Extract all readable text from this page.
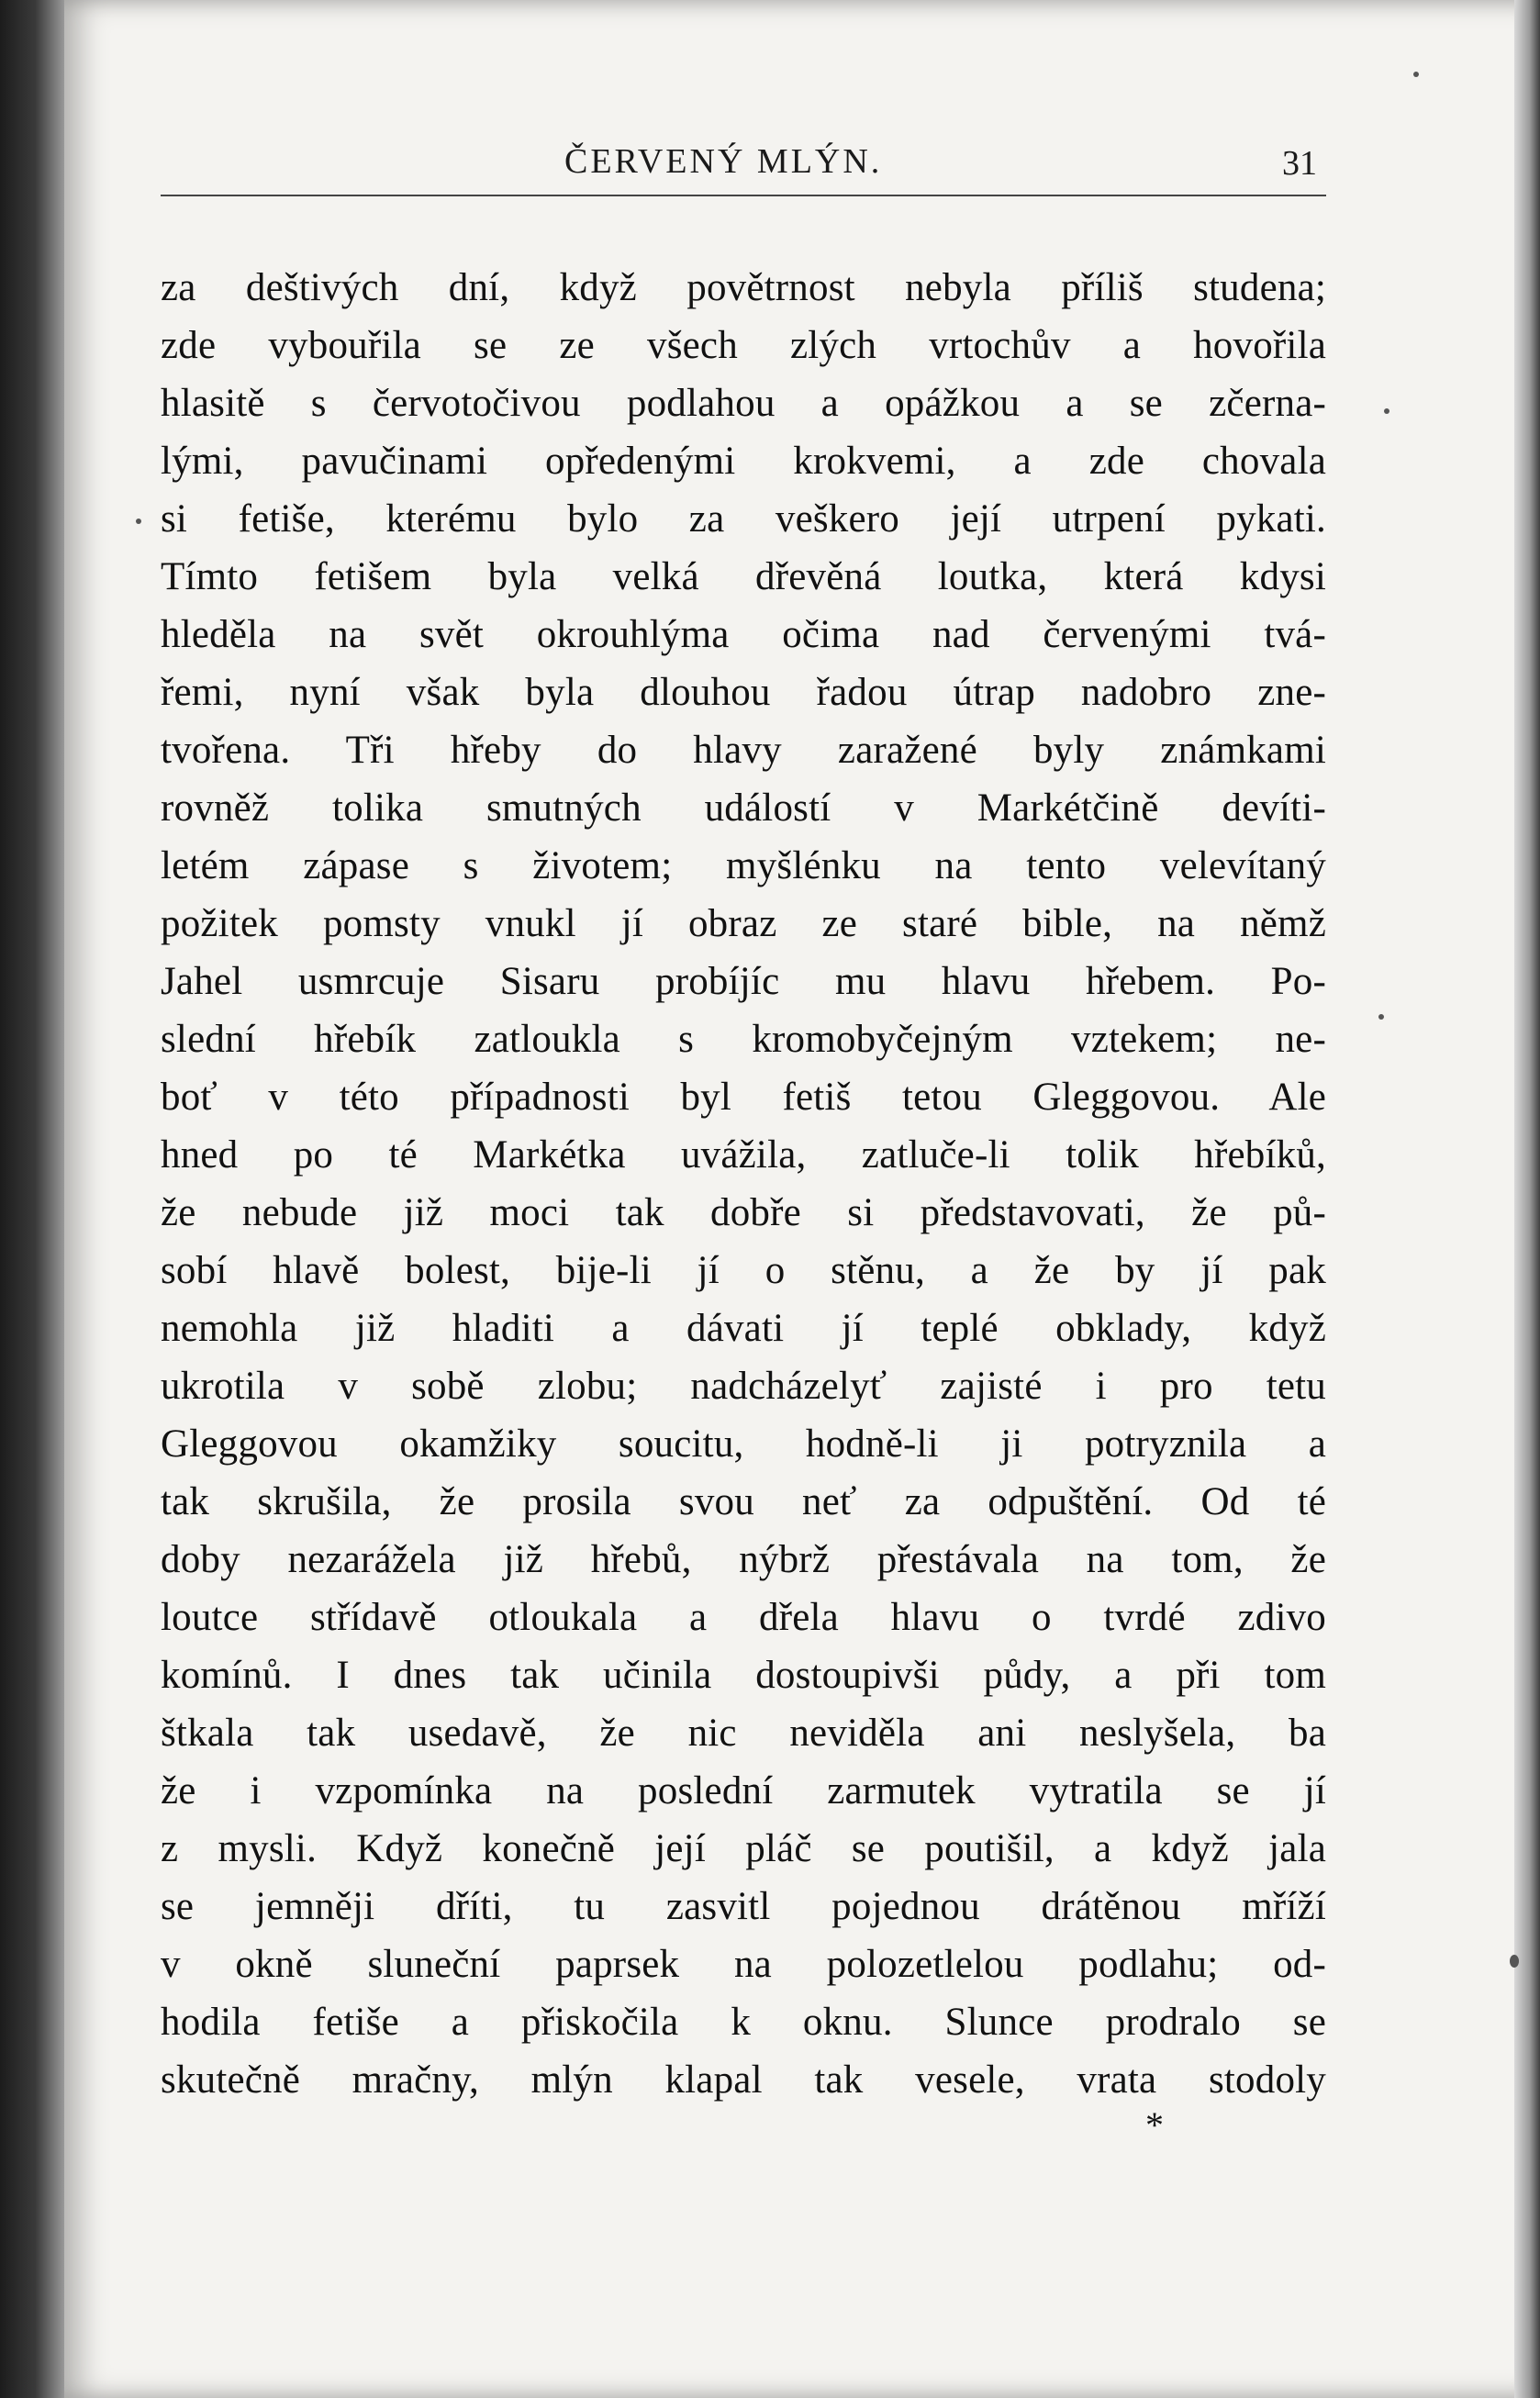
ČERVENÝ MLÝN.	31
za deštivých dní, když povětrnost nebyla příliš studena;
zde vybouřila se ze všech zlých vrtochův a hovořila
hlasitě s červotočivou podlahou a opážkou a se zčerna-
lými, pavučinami opředenými krokvemi, a zde chovala
si fetiše, kterému bylo za veškero její utrpení pykati.
Tímto fetišem byla velká dřevěná loutka, která kdysi
hleděla na svět okrouhlýma očima nad červenými tvá-
řemi, nyní však byla dlouhou řadou útrap nadobro zne-
tvořena. Tři hřeby do hlavy zaražené byly známkami
rovněž tolika smutných událostí v Markétčině devíti-
letém zápase s životem; myšlénku na tento velevítaný
požitek pomsty vnukl jí obraz ze staré bible, na němž
Jahel usmrcuje Sisaru probíjíc mu hlavu hřebem. Po-
slední hřebík zatloukla s kromobyčejným vztekem; ne-
boť v této případnosti byl fetiš tetou Gleggovou. Ale
hned po té Markétka uvážila, zatluče-li tolik hřebíků,
že nebude již moci tak dobře si představovati, že pů-
sobí hlavě bolest, bije-li jí o stěnu, a že by jí pak
nemohla již hladiti a dávati jí teplé obklady, když
ukrotila v sobě zlobu; nadcházelyť zajisté i pro tetu
Gleggovou okamžiky soucitu, hodně-li ji potryznila a
tak skrušila, že prosila svou neť za odpuštění. Od té
doby nezarážela již hřebů, nýbrž přestávala na tom, že
loutce střídavě otloukala a dřela hlavu o tvrdé zdivo
komínů. I dnes tak učinila dostoupivši půdy, a při tom
štkala tak usedavě, že nic neviděla ani neslyšela, ba
že i vzpomínka na poslední zarmutek vytratila se jí
z mysli. Když konečně její pláč se poutišil, a když jala
se jemněji dříti, tu zasvitl pojednou drátěnou mříží
v okně sluneční paprsek na polozetlelou podlahu; od-
hodila fetiše a přiskočila k oknu. Slunce prodralo se
skutečně mračny, mlýn klapal tak vesele, vrata stodoly
*
